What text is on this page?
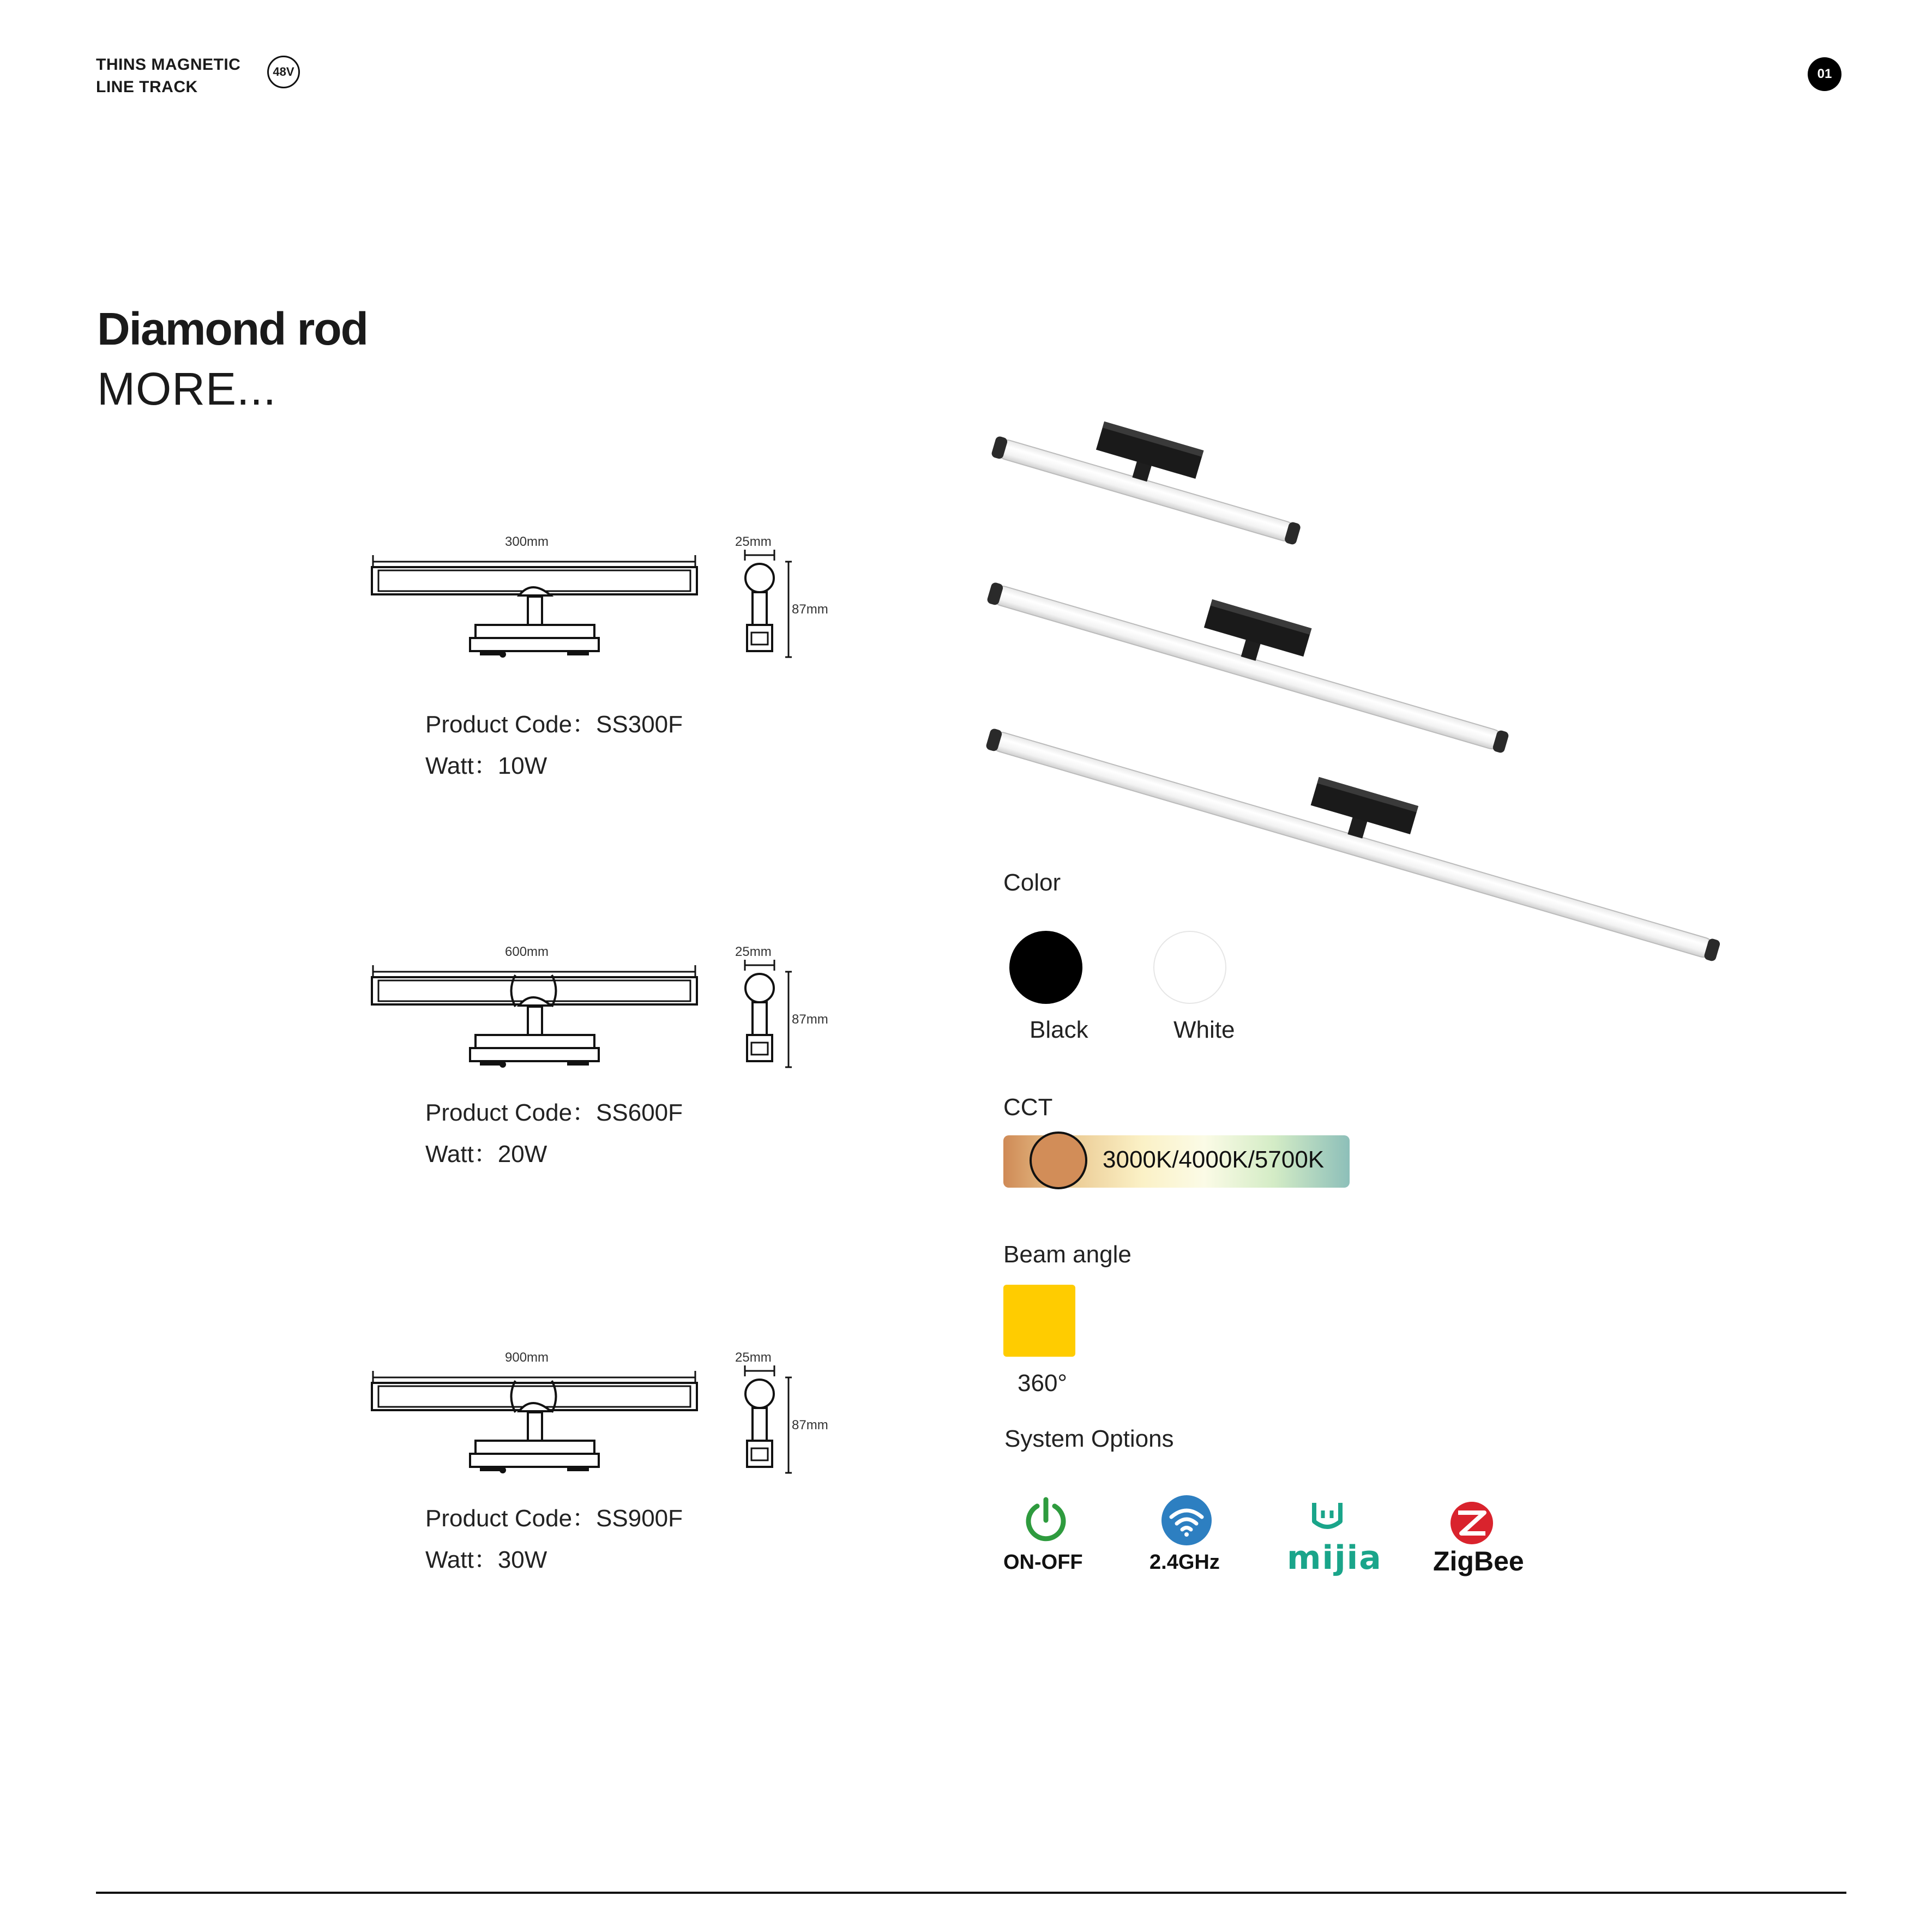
THINS MAGNETIC
LINE TRACK
48V	01
Diamond rod
MORE...
300mm	25mm
87mm
Product Code：SS300F
Watt：10W
600mm	25mm
87mm
Product Code：SS600F
Watt：20W
900mm	25mm
87mm
Product Code：SS900F
Watt：30W
Color
Black	White
CCT
3000K/4000K/5700K
Beam angle
360°
System Options
ON-OFF	2.4GHz mijia ZigBee
